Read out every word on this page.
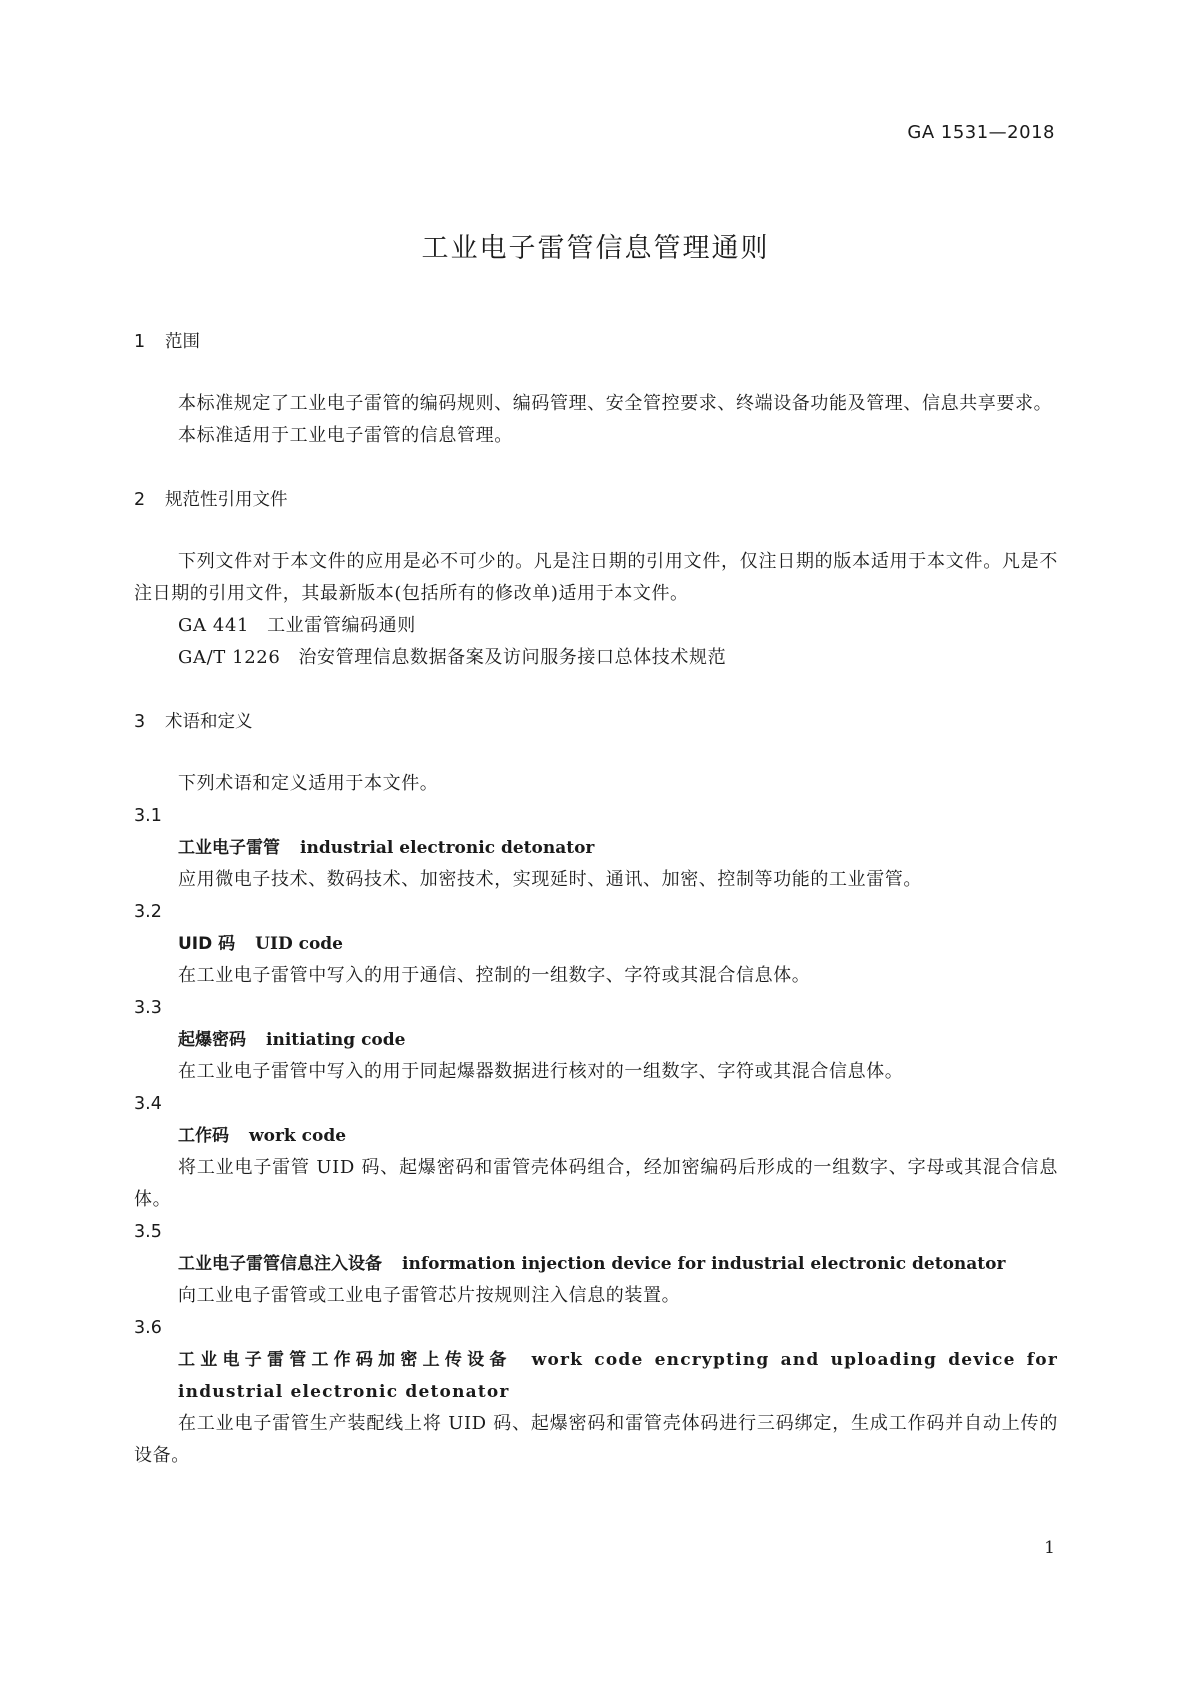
GA 1531—2018
工业电子雷管信息管理通则

1 范围

本标准规定了工业电子雷管的编码规则、编码管理、安全管控要求、终端设备功能及管理、信息共享要求。

本标准适用于工业电子雷管的信息管理。

2 规范性引用文件

下列文件对于本文件的应用是必不可少的。凡是注日期的引用文件，仅注日期的版本适用于本文件。凡是不注日期的引用文件，其最新版本(包括所有的修改单)适用于本文件。

GA 441 工业雷管编码通则

GA/T 1226 治安管理信息数据备案及访问服务接口总体技术规范

3 术语和定义

下列术语和定义适用于本文件。

3.1

工业电子雷管 industrial electronic detonator

应用微电子技术、数码技术、加密技术，实现延时、通讯、加密、控制等功能的工业雷管。

3.2

UID 码 UID code

在工业电子雷管中写入的用于通信、控制的一组数字、字符或其混合信息体。

3.3

起爆密码 initiating code

在工业电子雷管中写入的用于同起爆器数据进行核对的一组数字、字符或其混合信息体。

3.4

工作码 work code

将工业电子雷管 UID 码、起爆密码和雷管壳体码组合，经加密编码后形成的一组数字、字母或其混合信息体。

3.5

工业电子雷管信息注入设备 information injection device for industrial electronic detonator

向工业电子雷管或工业电子雷管芯片按规则注入信息的装置。

3.6

工业电子雷管工作码加密上传设备 work code encrypting and uploading device for industrial electronic detonator

在工业电子雷管生产装配线上将 UID 码、起爆密码和雷管壳体码进行三码绑定，生成工作码并自动上传的设备。

1
